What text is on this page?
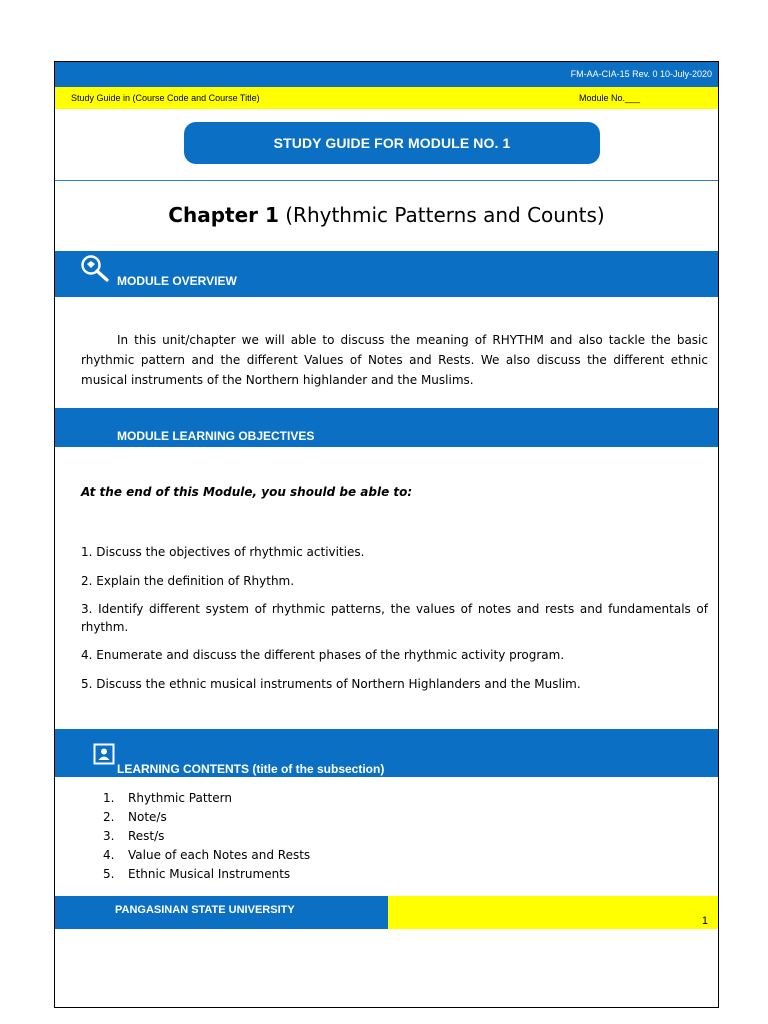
FM-AA-CIA-15 Rev. 0 10-July-2020
Study Guide in (Course Code and Course Title)	Module No.___
STUDY GUIDE FOR MODULE NO. 1
Chapter 1 (Rhythmic Patterns and Counts)
MODULE OVERVIEW
In this unit/chapter we will able to discuss the meaning of RHYTHM and also tackle the basic rhythmic pattern and the different Values of Notes and Rests. We also discuss the different ethnic musical instruments of the Northern highlander and the Muslims.
MODULE LEARNING OBJECTIVES
At the end of this Module, you should be able to:
1. Discuss the objectives of rhythmic activities.
2. Explain the definition of Rhythm.
3. Identify different system of rhythmic patterns, the values of notes and rests and fundamentals of rhythm.
4. Enumerate and discuss the different phases of the rhythmic activity program.
5. Discuss the ethnic musical instruments of Northern Highlanders and the Muslim.
LEARNING CONTENTS (title of the subsection)
1.	Rhythmic Pattern
2.	Note/s
3.	Rest/s
4.	Value of each Notes and Rests
5.	Ethnic Musical Instruments
PANGASINAN STATE UNIVERSITY
1
